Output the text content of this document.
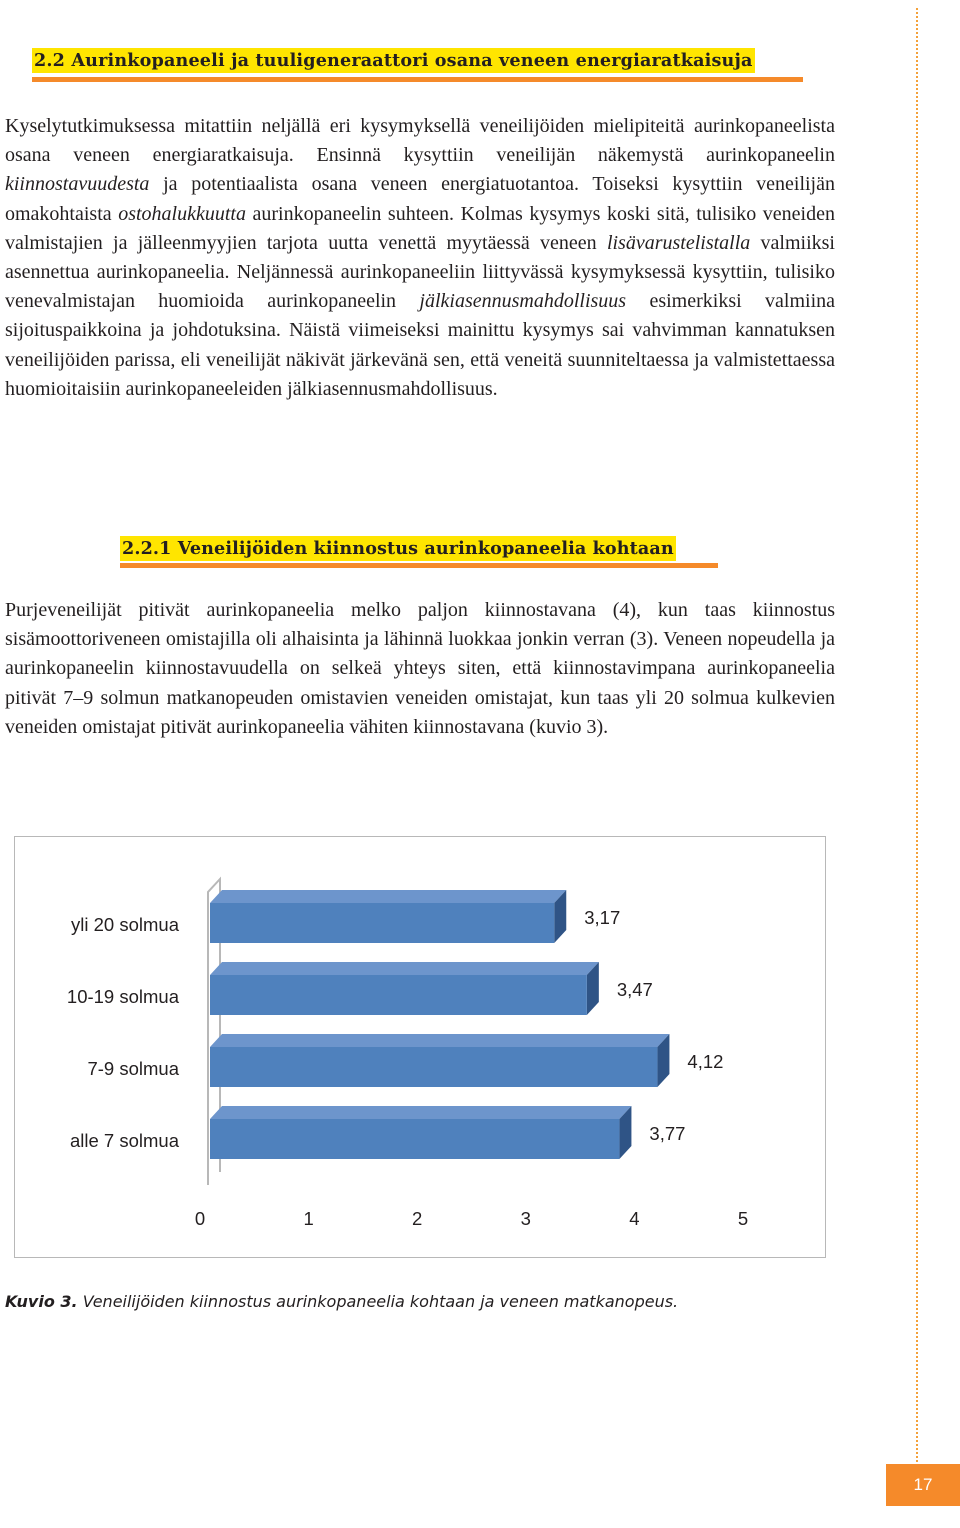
2.2 Aurinkopaneeli ja tuuligeneraattori osana veneen energiaratkaisuja

Kyselytutkimuksessa mitattiin neljällä eri kysymyksellä veneilijöiden mielipiteitä aurinkopaneelista osana veneen energiaratkaisuja. Ensinnä kysyttiin veneilijän näkemystä aurinkopaneelin kiinnostavuudesta ja potentiaalista osana veneen energiatuotantoa. Toiseksi kysyttiin veneilijän omakohtaista ostohalukkuutta aurinkopaneelin suhteen. Kolmas kysymys koski sitä, tulisiko veneiden valmistajien ja jälleenmyyjien tarjota uutta venettä myytäessä veneen lisävarustelistalla valmiiksi asennettua aurinkopaneelia. Neljännessä aurinkopaneeliin liittyvässä kysymyksessä kysyttiin, tulisiko venevalmistajan huomioida aurinkopaneelin jälkiasennusmahdollisuus esimerkiksi valmiina sijoituspaikkoina ja johdotuksina. Näistä viimeiseksi mainittu kysymys sai vahvimman kannatuksen veneilijöiden parissa, eli veneilijät näkivät järkevänä sen, että veneitä suunniteltaessa ja valmistettaessa huomioitaisiin aurinkopaneeleiden jälkiasennusmahdollisuus.

2.2.1 Veneilijöiden kiinnostus aurinkopaneelia kohtaan

Purjeveneilijät pitivät aurinkopaneelia melko paljon kiinnostavana (4), kun taas kiinnostus sisämoottoriveneen omistajilla oli alhaisinta ja lähinnä luokkaa jonkin verran (3). Veneen nopeudella ja aurinkopaneelin kiinnostavuudella on selkeä yhteys siten, että kiinnostavimpana aurinkopaneelia pitivät 7–9 solmun matkanopeuden omistavien veneiden omistajat, kun taas yli 20 solmua kulkevien veneiden omistajat pitivät aurinkopaneelia vähiten kiinnostavana (kuvio 3).

yli 20 solmua	3,17
10-19 solmua	3,47
7-9 solmua	4,12
alle 7 solmua	3,77
0	1	2	3	4	5

Kuvio 3. Veneilijöiden kiinnostus aurinkopaneelia kohtaan ja veneen matkanopeus.

17
